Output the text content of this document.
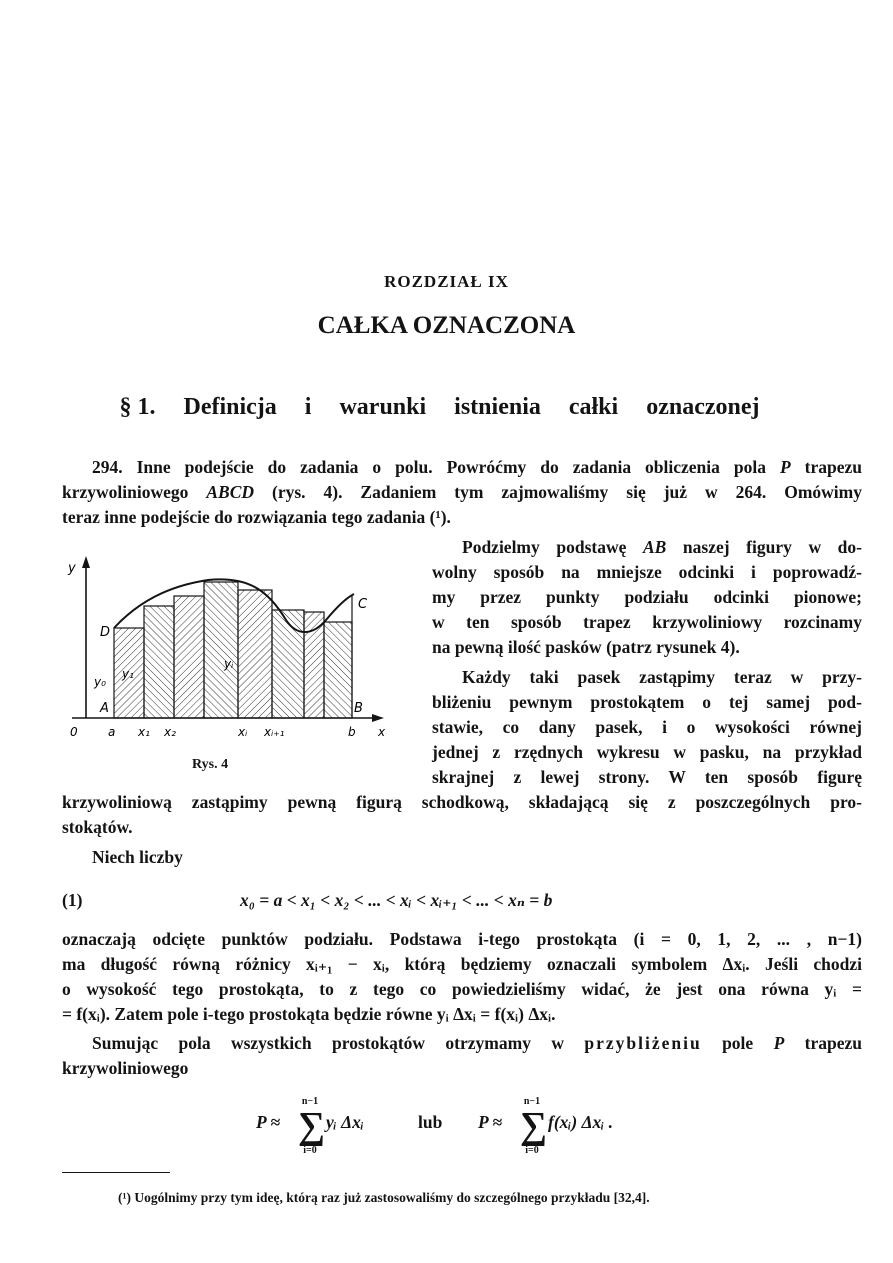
ROZDZIAŁ IX
CAŁKA OZNACZONA
§ 1. Definicja i warunki istnienia całki oznaczonej
294. Inne podejście do zadania o polu. Powróćmy do zadania obliczenia pola P trapezu
krzywoliniowego ABCD (rys. 4). Zadaniem tym zajmowaliśmy się już w 264. Omówimy
teraz inne podejście do rozwiązania tego zadania (¹).
C
D
A	B
y
y₀
y₁
yᵢ
0	a x₁ x₂	xᵢ xᵢ₊₁	b x
Rys. 4
Podzielmy podstawę AB naszej figury w do-
wolny sposób na mniejsze odcinki i poprowadź-
my przez punkty podziału odcinki pionowe;
w ten sposób trapez krzywoliniowy rozcinamy
na pewną ilość pasków (patrz rysunek 4).
Każdy taki pasek zastąpimy teraz w przy-
bliżeniu pewnym prostokątem o tej samej pod-
stawie, co dany pasek, i o wysokości równej
jednej z rzędnych wykresu w pasku, na przykład
skrajnej z lewej strony. W ten sposób figurę
krzywoliniową zastąpimy pewną figurą schodkową, składającą się z poszczególnych pro-
stokątów.
Niech liczby
(1)	x₀ = a < x₁ < x₂ < ... < xᵢ < xᵢ₊₁ < ... < xₙ = b
oznaczają odcięte punktów podziału. Podstawa i-tego prostokąta (i = 0, 1, 2, ... , n−1)
ma długość równą różnicy xᵢ₊₁ − xᵢ, którą będziemy oznaczali symbolem Δxᵢ. Jeśli chodzi
o wysokość tego prostokąta, to z tego co powiedzieliśmy widać, że jest ona równa yᵢ =
= f(xᵢ). Zatem pole i-tego prostokąta będzie równe yᵢ Δxᵢ = f(xᵢ) Δxᵢ.
Sumując pola wszystkich prostokątów otrzymamy w przybliżeniu pole P trapezu
krzywoliniowego
P ≈
n−1
∑
i=0
yᵢ Δxᵢ	lub P ≈
n−1
∑
i=0
f(xᵢ) Δxᵢ .
(¹) Uogólnimy przy tym ideę, którą raz już zastosowaliśmy do szczególnego przykładu [32,4].
